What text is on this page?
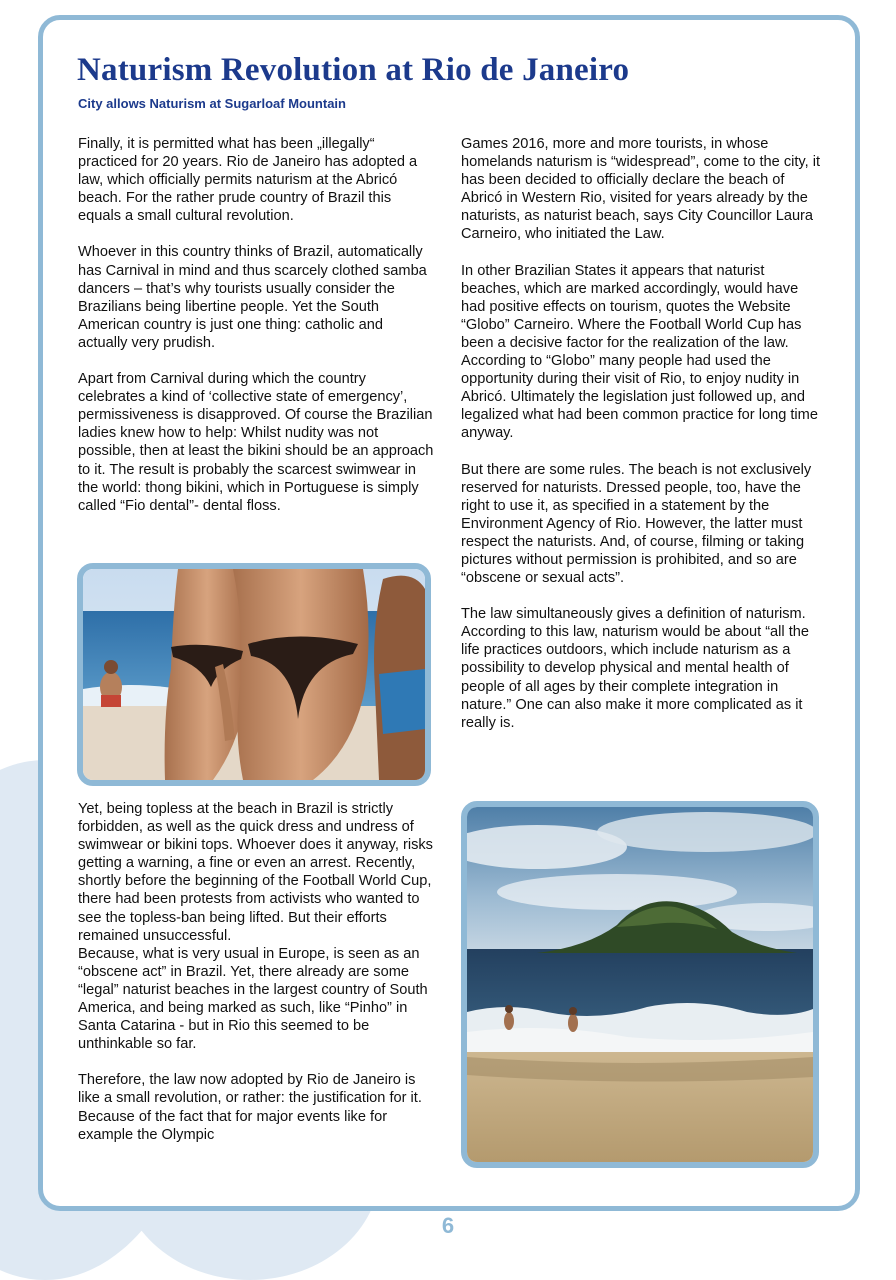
Naturism Revolution at Rio de Janeiro
City allows Naturism at Sugarloaf Mountain

Finally, it is permitted what has been „illegally“ practiced for 20 years. Rio de Janeiro has adopted a law, which officially permits naturism at the Abricó beach. For the rather prude country of Brazil this equals a small cultural revolution.

Whoever in this country thinks of Brazil, automatically has Carnival in mind and thus scarcely clothed samba dancers – that’s why tourists usually consider the Brazilians being libertine people. Yet the South American country is just one thing: catholic and actually very prudish.

Apart from Carnival during which the country celebrates a kind of ‘collective state of emergency’, permissiveness is disapproved. Of course the Brazilian ladies knew how to help: Whilst nudity was not possible, then at least the bikini should be an approach to it. The result is probably the scarcest swimwear in the world: thong bikini, which in Portuguese is simply called “Fio dental”- dental floss.

Yet, being topless at the beach in Brazil is strictly forbidden, as well as the quick dress and undress of swimwear or bikini tops. Whoever does it anyway, risks getting a warning, a fine or even an arrest. Recently, shortly before the beginning of the Football World Cup, there had been protests from activists who wanted to see the topless-ban being lifted. But their efforts remained unsuccessful.

Because, what is very usual in Europe, is seen as an “obscene act” in Brazil. Yet, there already are some “legal” naturist beaches in the largest country of South America, and being marked as such, like “Pinho” in Santa Catarina - but in Rio this seemed to be unthinkable so far.

Therefore, the law now adopted by Rio de Janeiro is like a small revolution, or rather: the justification for it. Because of the fact that for major events like for example the Olympic

Games 2016, more and more tourists, in whose homelands naturism is “widespread”, come to the city, it has been decided to officially declare the beach of Abricó in Western Rio, visited for years already by the naturists, as naturist beach, says City Councillor Laura Carneiro, who initiated the Law.

In other Brazilian States it appears that naturist beaches, which are marked accordingly, would have had positive effects on tourism, quotes the Website “Globo” Carneiro. Where the Football World Cup has been a decisive factor for the realization of the law. According to “Globo” many people had used the opportunity during their visit of Rio, to enjoy nudity in Abricó. Ultimately the legislation just followed up, and legalized what had been common practice for long time anyway.

But there are some rules. The beach is not exclusively reserved for naturists. Dressed people, too, have the right to use it, as specified in a statement by the Environment Agency of Rio. However, the latter must respect the naturists. And, of course, filming or taking pictures without permission is prohibited, and so are “obscene or sexual acts”.

The law simultaneously gives a definition of naturism. According to this law, naturism would be about “all the life practices outdoors, which include naturism as a possibility to develop physical and mental health of people of all ages by their complete integration in nature.” One can also make it more complicated as it really is.

6
